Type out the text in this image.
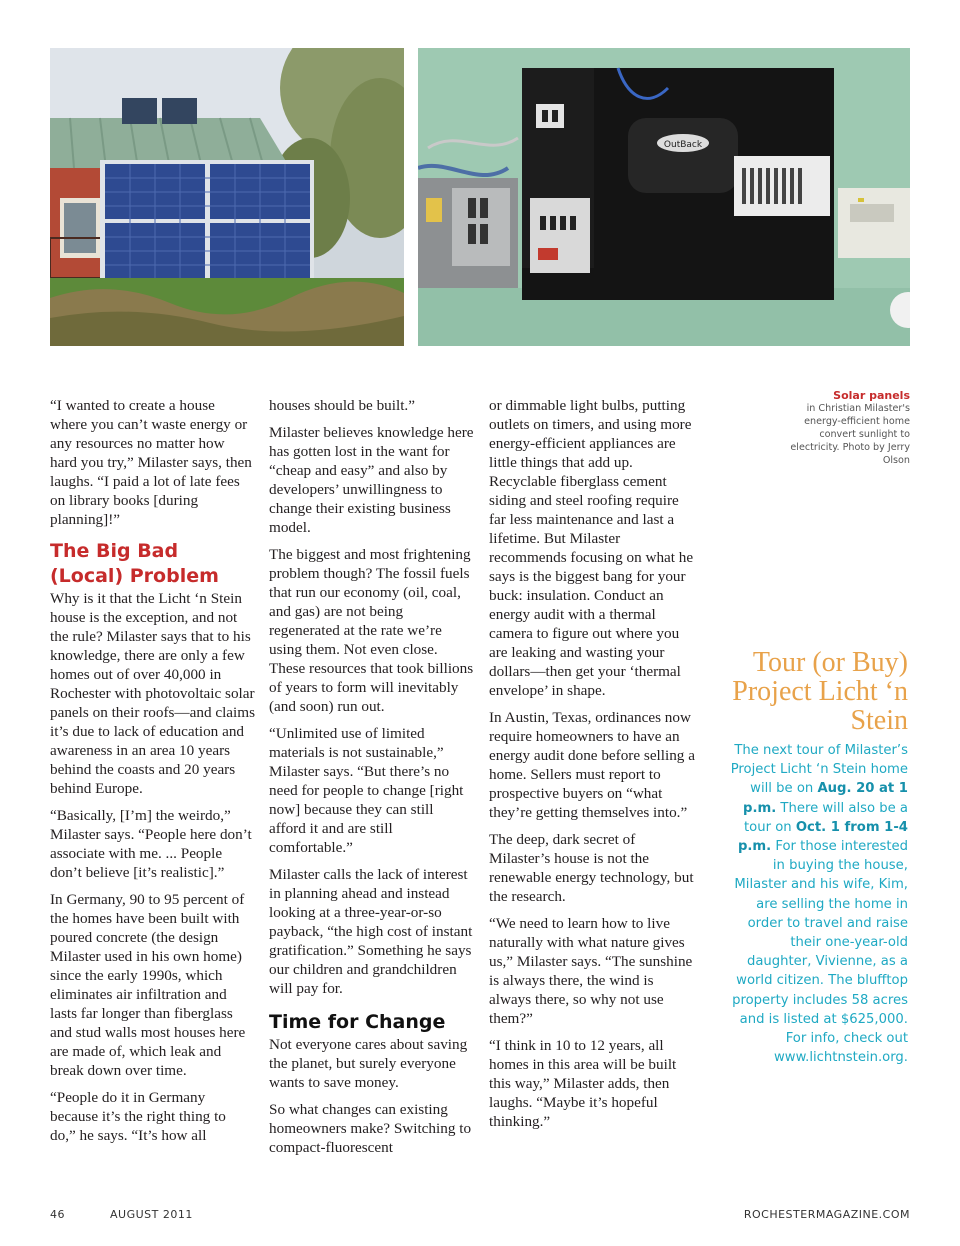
OutBack
Solar panels
in Christian Milaster's energy-efficient home convert sunlight to electricity. Photo by Jerry Olson

“I wanted to create a house where you can’t waste energy or any resources no matter how hard you try,” Milaster says, then laughs. “I paid a lot of late fees on library books [during planning]!”

The Big Bad (Local) Problem

Why is it that the Licht ‘n Stein house is the exception, and not the rule? Milaster says that to his knowledge, there are only a few homes out of over 40,000 in Rochester with photovoltaic solar panels on their roofs—and claims it’s due to lack of education and awareness in an area 10 years behind the coasts and 20 years behind Europe.

“Basically, [I’m] the weirdo,” Milaster says. “People here don’t associate with me. ... People don’t believe [it’s realistic].”

In Germany, 90 to 95 percent of the homes have been built with poured concrete (the design Milaster used in his own home) since the early 1990s, which eliminates air infiltration and lasts far longer than fiberglass and stud walls most houses here are made of, which leak and break down over time.

“People do it in Germany because it’s the right thing to do,” he says. “It’s how all

houses should be built.”

Milaster believes knowledge here has gotten lost in the want for “cheap and easy” and also by developers’ unwillingness to change their existing business model.

The biggest and most frightening problem though? The fossil fuels that run our economy (oil, coal, and gas) are not being regenerated at the rate we’re using them. Not even close. These resources that took billions of years to form will inevitably (and soon) run out.

“Unlimited use of limited materials is not sustainable,” Milaster says. “But there’s no need for people to change [right now] because they can still afford it and are still comfortable.”

Milaster calls the lack of interest in planning ahead and instead looking at a three-year-or-so payback, “the high cost of instant gratification.” Something he says our children and grandchildren will pay for.

Time for Change

Not everyone cares about saving the planet, but surely everyone wants to save money.

So what changes can existing homeowners make? Switching to compact-fluorescent

or dimmable light bulbs, putting outlets on timers, and using more energy-efficient appliances are little things that add up. Recyclable fiberglass cement siding and steel roofing require far less maintenance and last a lifetime. But Milaster recommends focusing on what he says is the biggest bang for your buck: insulation. Conduct an energy audit with a thermal camera to figure out where you are leaking and wasting your dollars—then get your ‘thermal envelope’ in shape.

In Austin, Texas, ordinances now require homeowners to have an energy audit done before selling a home. Sellers must report to prospective buyers on “what they’re getting themselves into.”

The deep, dark secret of Milaster’s house is not the renewable energy technology, but the research.

“We need to learn how to live naturally with what nature gives us,” Milaster says. “The sunshine is always there, the wind is always there, so why not use them?”

“I think in 10 to 12 years, all homes in this area will be built this way,” Milaster adds, then laughs. “Maybe it’s hopeful thinking.”

Tour (or Buy) Project Licht ‘n Stein
The next tour of Milaster’s Project Licht ‘n Stein home will be on Aug. 20 at 1 p.m. There will also be a tour on Oct. 1 from 1-4 p.m. For those interested in buying the house, Milaster and his wife, Kim, are selling the home in order to travel and raise their one-year-old daughter, Vivienne, as a world citizen. The blufftop property includes 58 acres and is listed at $625,000. For info, check out www.lichtnstein.org.
46	AUGUST 2011	ROCHESTERMAGAZINE.COM
